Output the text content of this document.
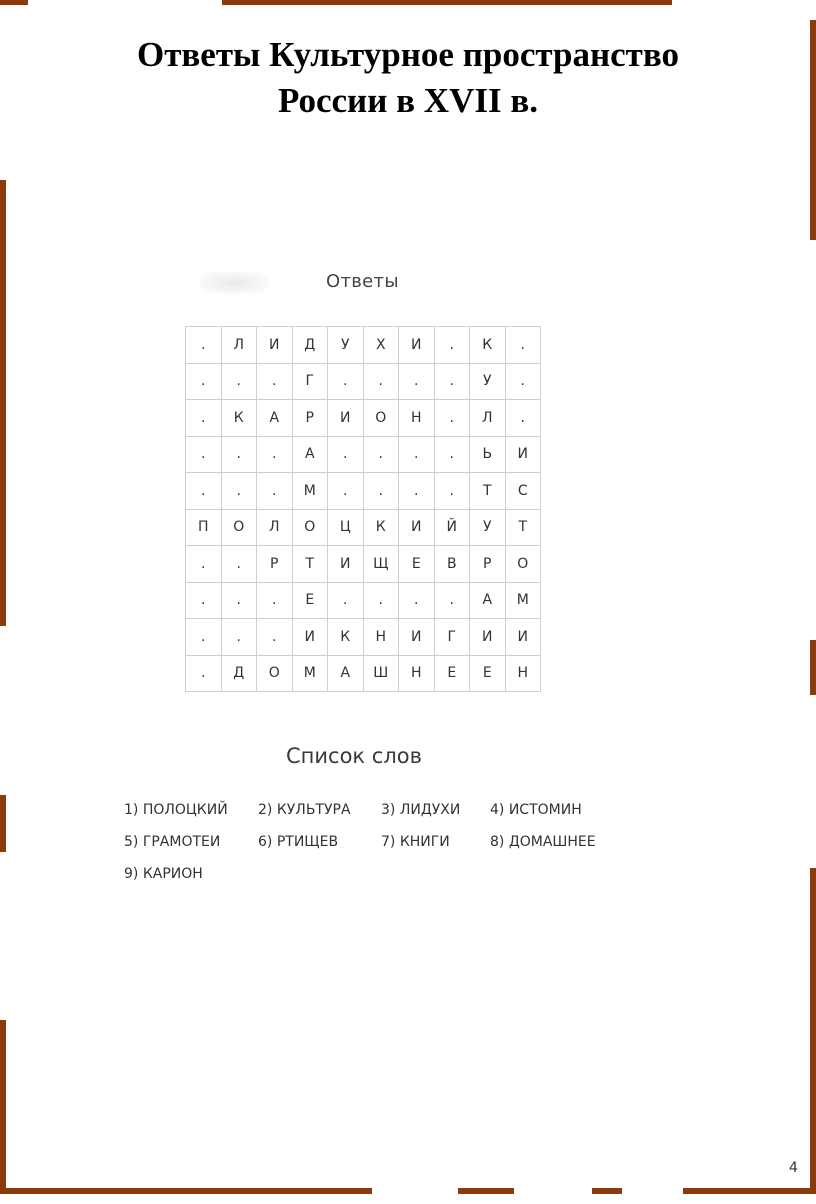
Ответы Культурное пространство
России в XVII в.
Ответы
.	Л	И	Д	У	Х	И	.	К	.
.	.	.	Г	.	.	.	.	У	.
.	К	А	Р	И	О	Н	.	Л	.
.	.	.	А	.	.	.	.	Ь	И
.	.	.	М	.	.	.	.	Т	С
П	О	Л	О	Ц	К	И	Й	У	Т
.	.	Р	Т	И	Щ	Е	В	Р	О
.	.	.	Е	.	.	.	.	А	М
.	.	.	И	К	Н	И	Г	И	И
.	Д	О	М	А	Ш	Н	Е	Е	Н
Список слов
1) ПОЛОЦКИЙ 2) КУЛЬТУРА 3) ЛИДУХИ 4) ИСТОМИН
5) ГРАМОТЕИ	6) РТИЩЕВ	7) КНИГИ	8) ДОМАШНЕЕ
9) КАРИОН
4
